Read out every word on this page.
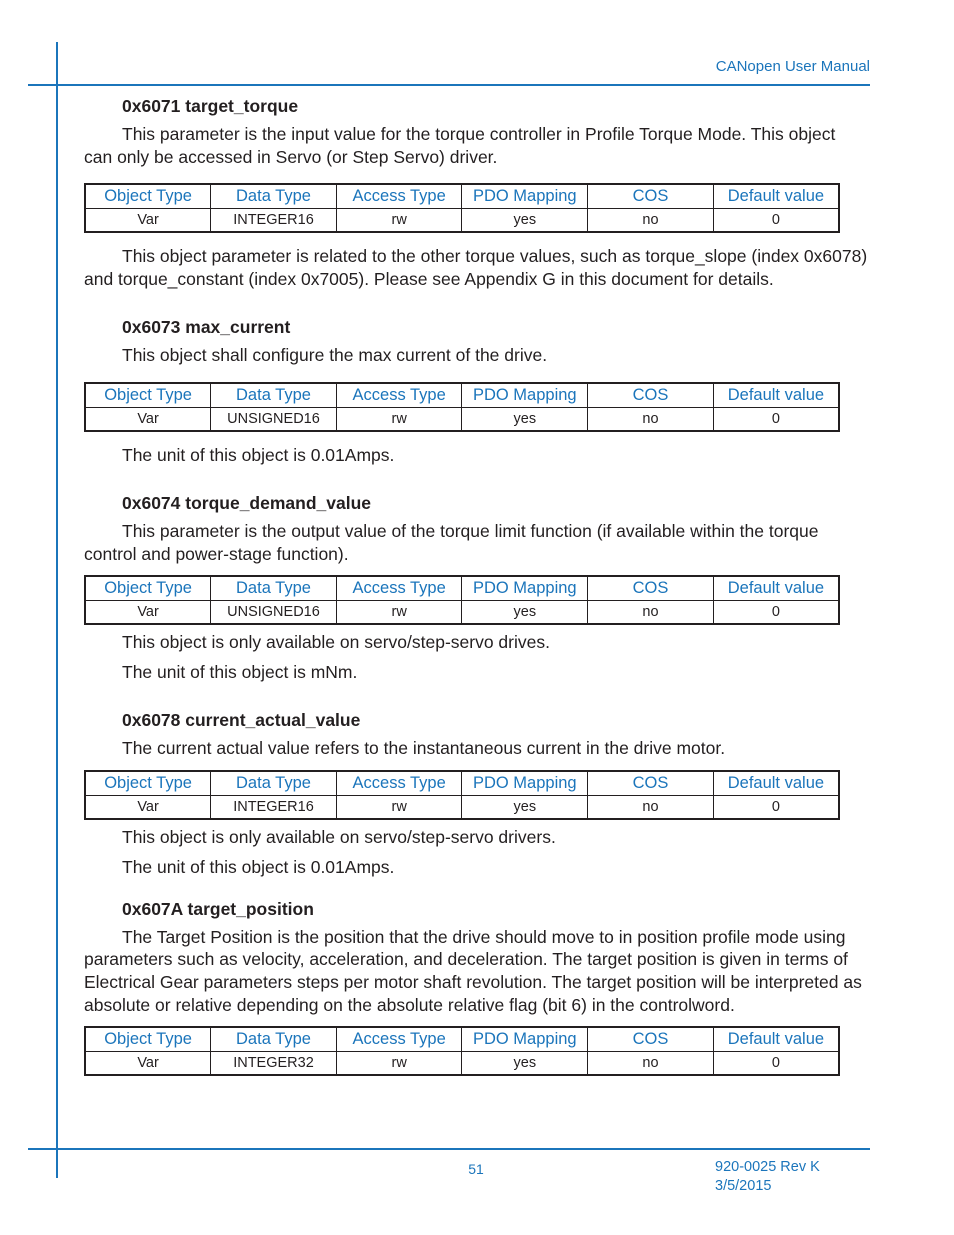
CANopen User Manual
0x6071 target_torque

This parameter is the input value for the torque controller in Profile Torque Mode. This object can only be accessed in Servo (or Step Servo) driver.

Object Type	Data Type	Access Type	PDO Mapping	COS	Default value
Var	INTEGER16	rw	yes	no	0

This object parameter is related to the other torque values, such as torque_slope (index 0x6078) and torque_constant (index 0x7005). Please see Appendix G in this document for details.

0x6073 max_current

This object shall configure the max current of the drive.

Object Type	Data Type	Access Type	PDO Mapping	COS	Default value
Var	UNSIGNED16	rw	yes	no	0
The unit of this object is 0.01Amps.
0x6074 torque_demand_value

This parameter is the output value of the torque limit function (if available within the torque control and power-stage function).

Object Type	Data Type	Access Type	PDO Mapping	COS	Default value
Var	UNSIGNED16	rw	yes	no	0
This object is only available on servo/step-servo drives.
The unit of this object is mNm.
0x6078 current_actual_value

The current actual value refers to the instantaneous current in the drive motor.

Object Type	Data Type	Access Type	PDO Mapping	COS	Default value
Var	INTEGER16	rw	yes	no	0
This object is only available on servo/step-servo drivers.
The unit of this object is 0.01Amps.
0x607A target_position

The Target Position is the position that the drive should move to in position profile mode using parameters such as velocity, acceleration, and deceleration. The target position is given in terms of Electrical Gear parameters steps per motor shaft revolution. The target position will be interpreted as absolute or relative depending on the absolute relative flag (bit 6) in the controlword.

Object Type	Data Type	Access Type	PDO Mapping	COS	Default value
Var	INTEGER32	rw	yes	no	0
51	920-0025 Rev K
3/5/2015
